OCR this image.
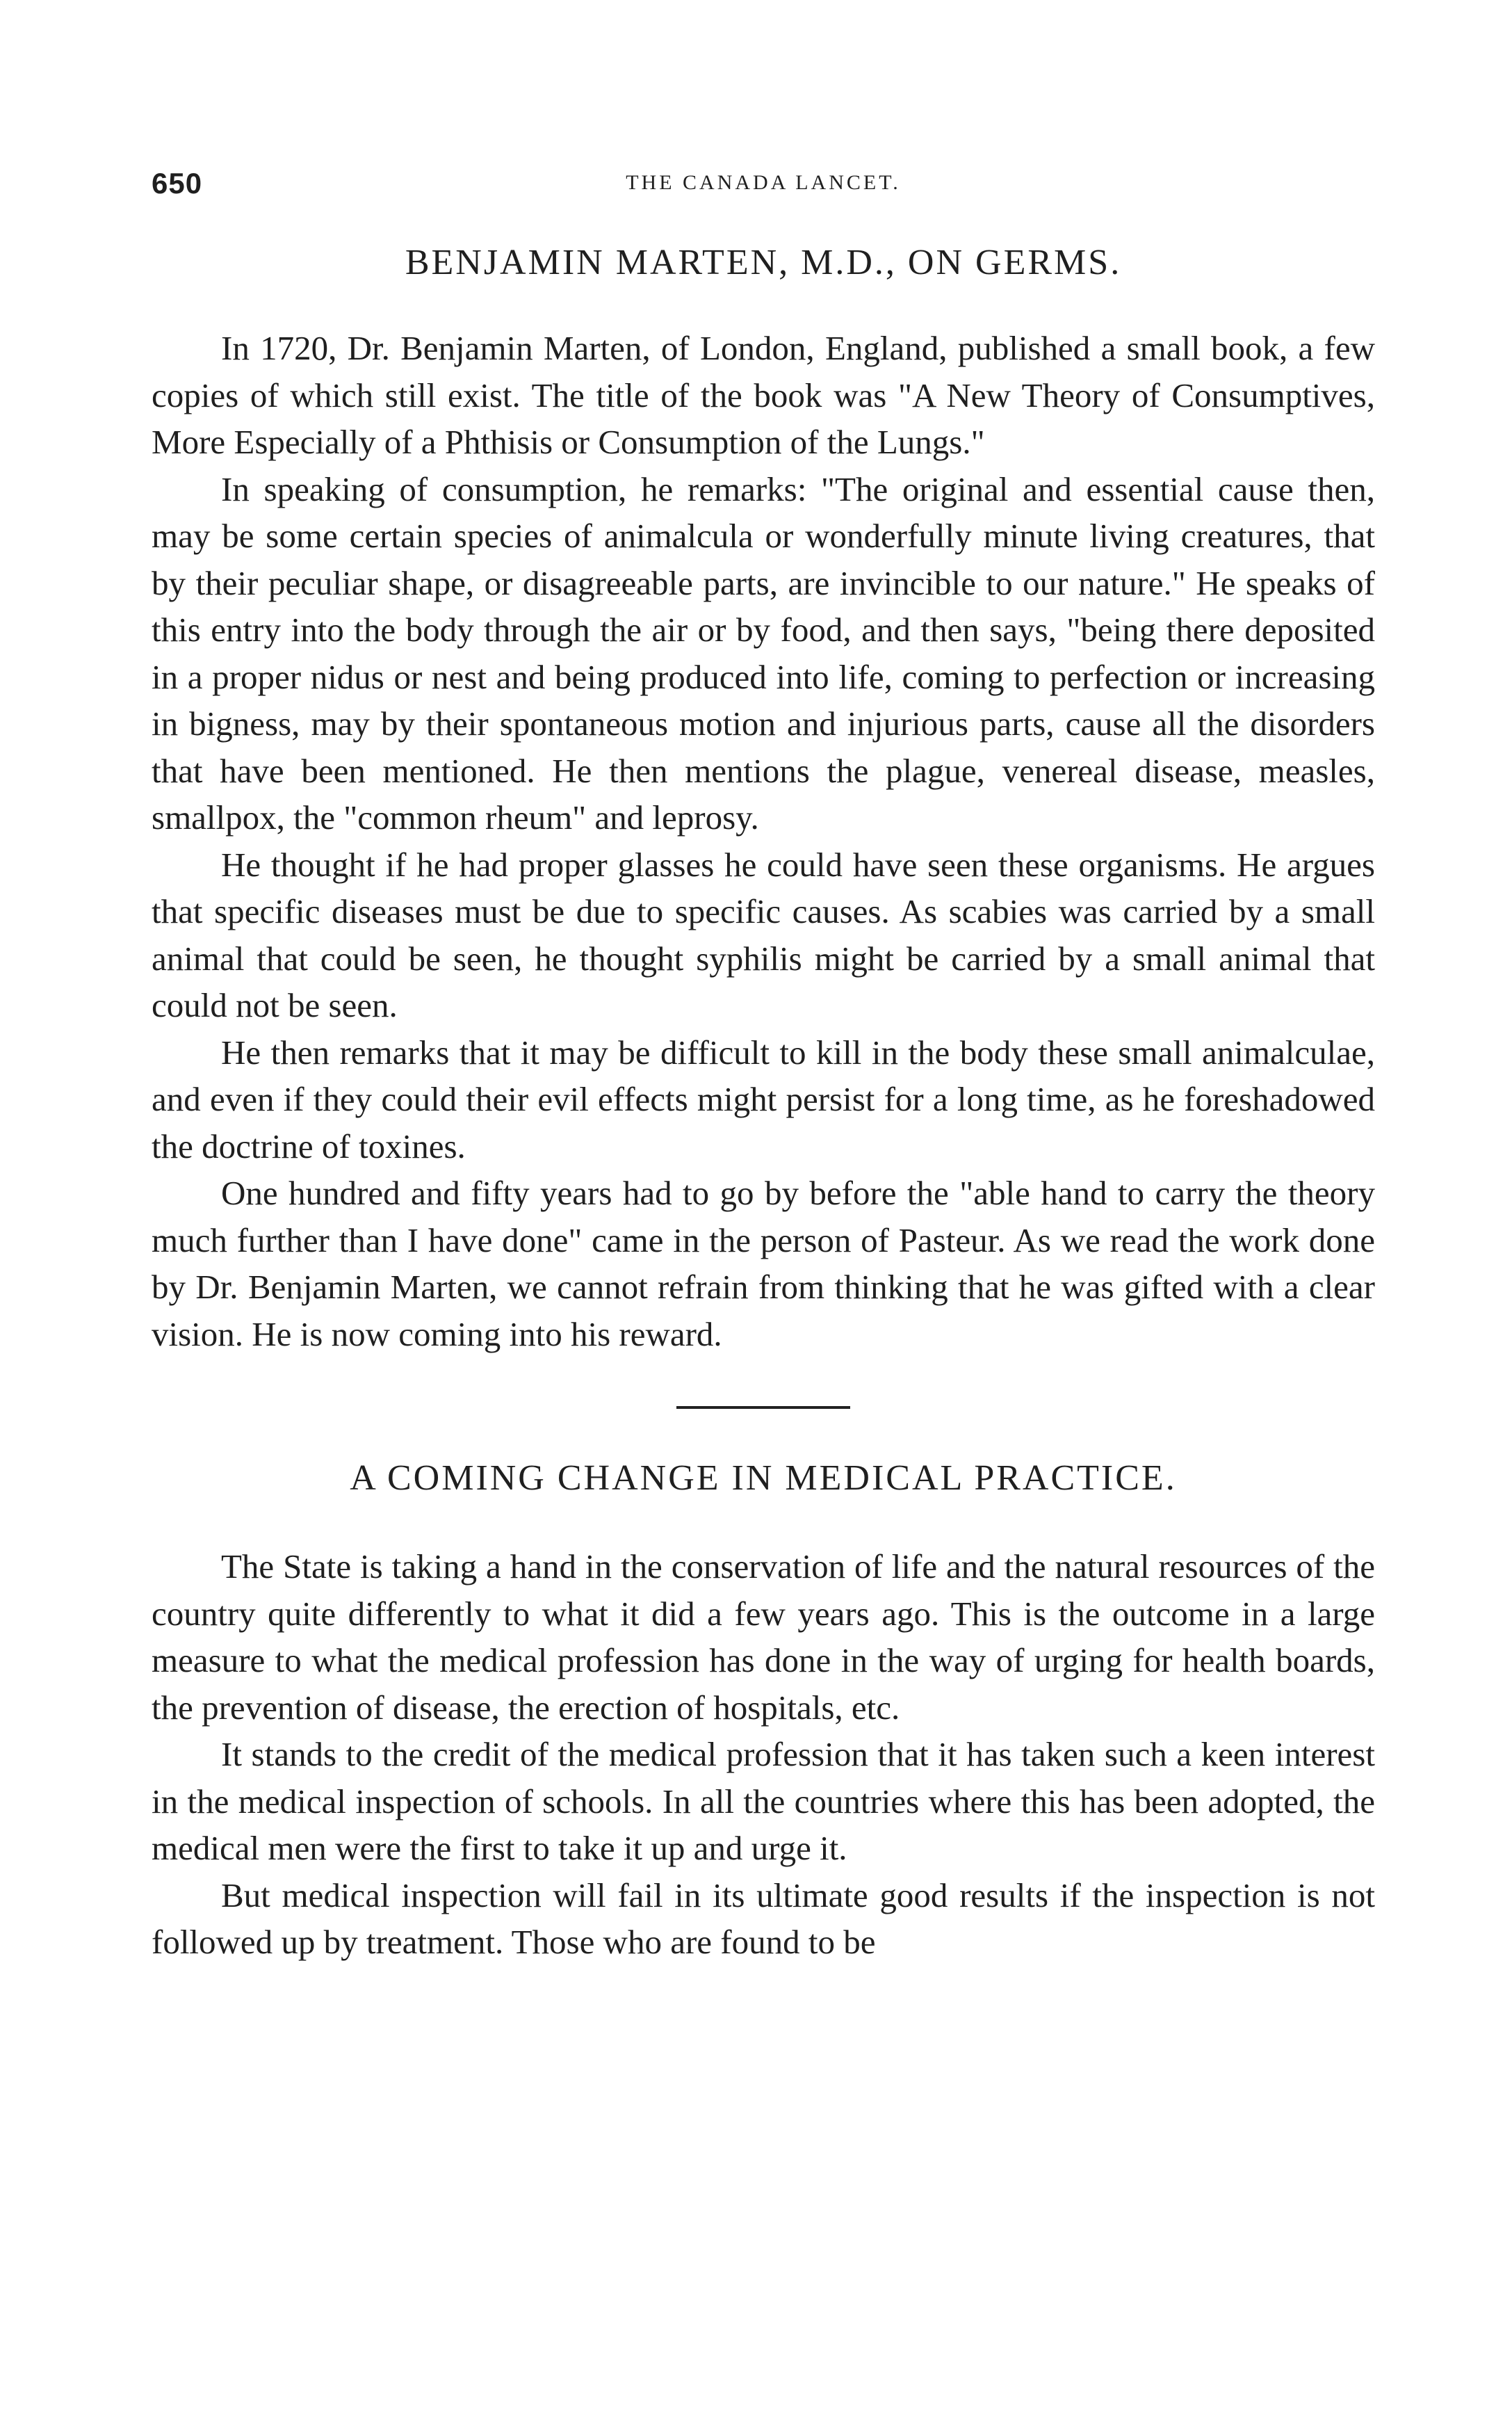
650	THE CANADA LANCET.
BENJAMIN MARTEN, M.D., ON GERMS.

In 1720, Dr. Benjamin Marten, of London, England, published a small book, a few copies of which still exist. The title of the book was "A New Theory of Consumptives, More Especially of a Phthisis or Consumption of the Lungs."

In speaking of consumption, he remarks: "The original and essential cause then, may be some certain species of animalcula or wonderfully minute living creatures, that by their peculiar shape, or disagreeable parts, are invincible to our nature." He speaks of this entry into the body through the air or by food, and then says, "being there deposited in a proper nidus or nest and being produced into life, coming to perfection or increasing in bigness, may by their spontaneous motion and injurious parts, cause all the disorders that have been mentioned. He then mentions the plague, venereal disease, measles, smallpox, the "common rheum" and leprosy.

He thought if he had proper glasses he could have seen these organisms. He argues that specific diseases must be due to specific causes. As scabies was carried by a small animal that could be seen, he thought syphilis might be carried by a small animal that could not be seen.

He then remarks that it may be difficult to kill in the body these small animalculae, and even if they could their evil effects might persist for a long time, as he foreshadowed the doctrine of toxines.

One hundred and fifty years had to go by before the "able hand to carry the theory much further than I have done" came in the person of Pasteur. As we read the work done by Dr. Benjamin Marten, we cannot refrain from thinking that he was gifted with a clear vision. He is now coming into his reward.

A COMING CHANGE IN MEDICAL PRACTICE.

The State is taking a hand in the conservation of life and the natural resources of the country quite differently to what it did a few years ago. This is the outcome in a large measure to what the medical profession has done in the way of urging for health boards, the prevention of disease, the erection of hospitals, etc.

It stands to the credit of the medical profession that it has taken such a keen interest in the medical inspection of schools. In all the countries where this has been adopted, the medical men were the first to take it up and urge it.

But medical inspection will fail in its ultimate good results if the inspection is not followed up by treatment. Those who are found to be
